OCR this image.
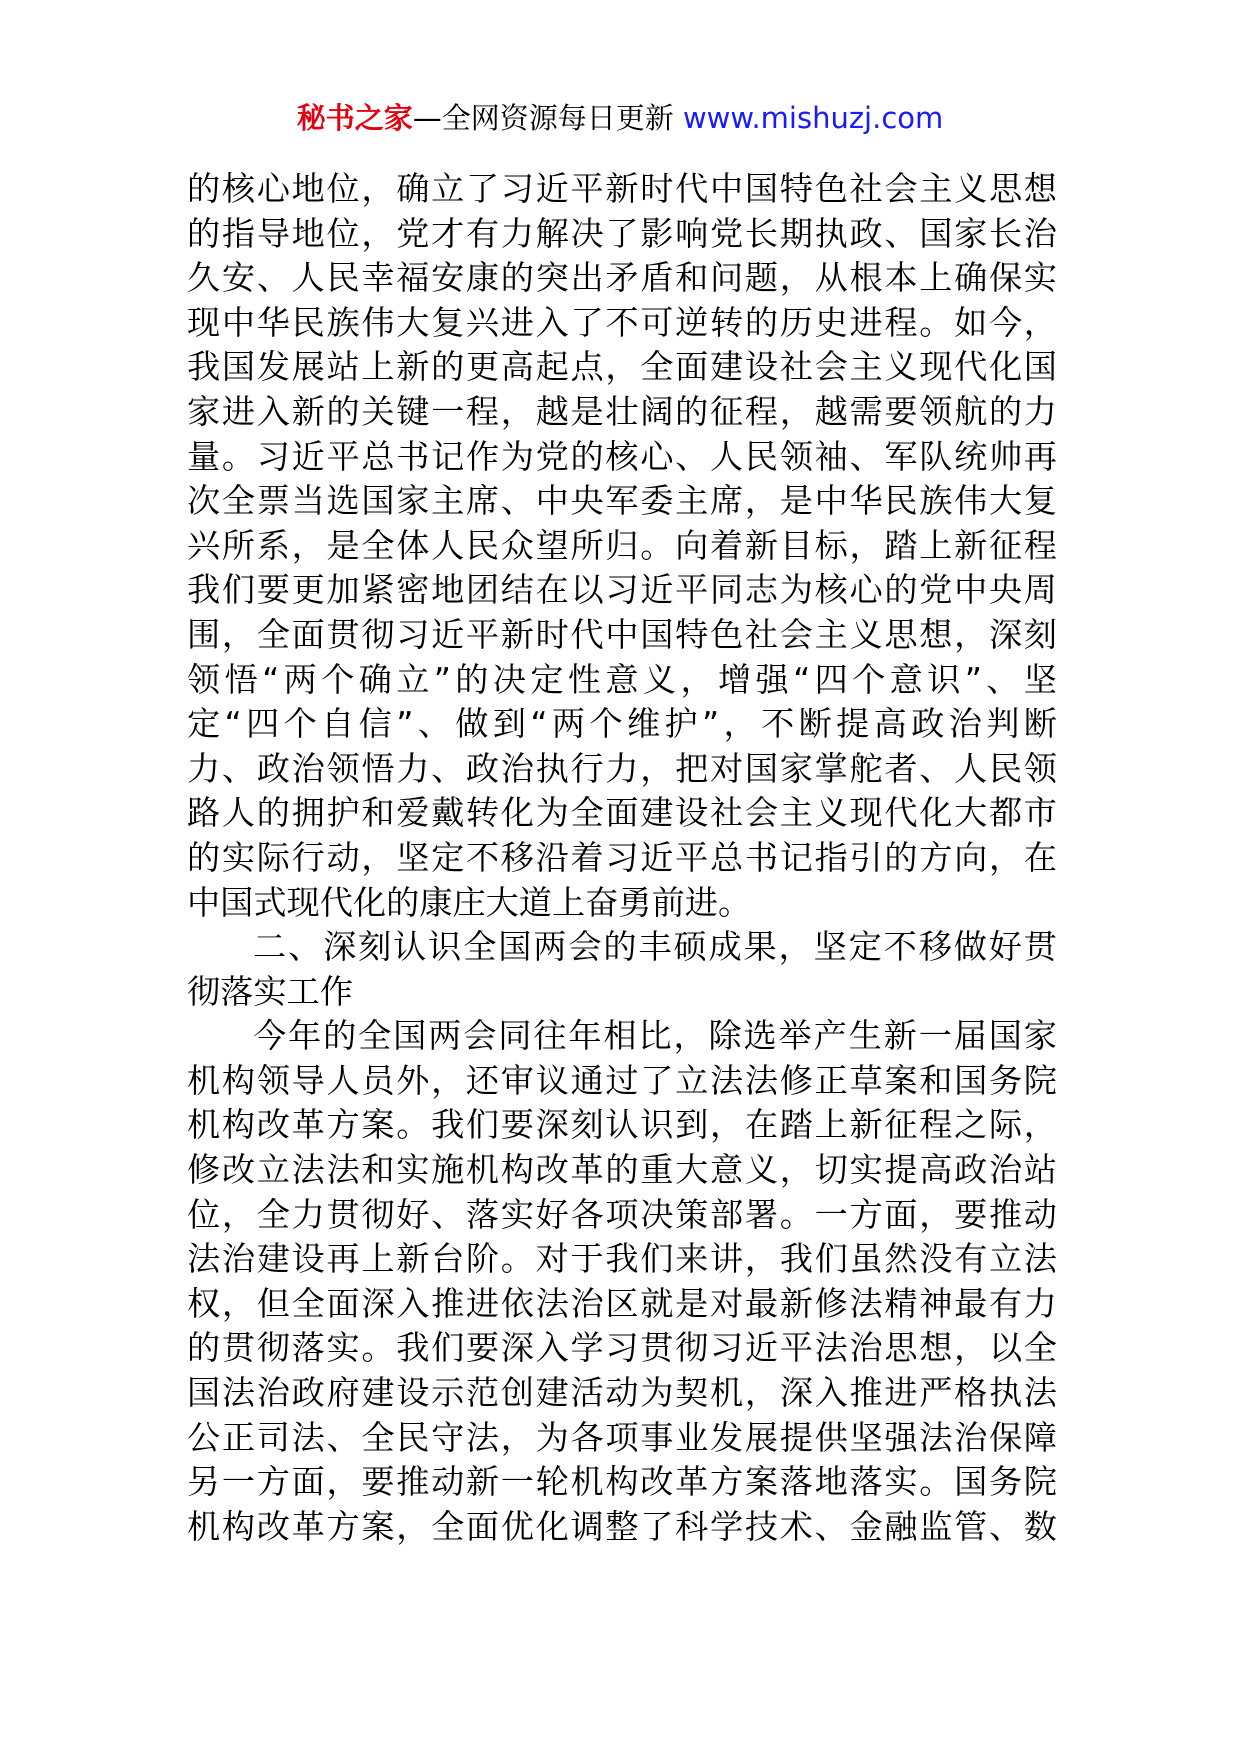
秘书之家—全网资源每日更新 www.mishuzj.com
的核心地位，确立了习近平新时代中国特色社会主义思想
的指导地位，党才有力解决了影响党长期执政、国家长治
久安、人民幸福安康的突出矛盾和问题，从根本上确保实
现中华民族伟大复兴进入了不可逆转的历史进程。如今，
我国发展站上新的更高起点，全面建设社会主义现代化国
家进入新的关键一程，越是壮阔的征程，越需要领航的力
量。习近平总书记作为党的核心、人民领袖、军队统帅再
次全票当选国家主席、中央军委主席，是中华民族伟大复
兴所系，是全体人民众望所归。向着新目标，踏上新征程
我们要更加紧密地团结在以习近平同志为核心的党中央周
围，全面贯彻习近平新时代中国特色社会主义思想，深刻
领悟“两个确立”的决定性意义，增强“四个意识”、坚
定“四个自信”、做到“两个维护”，不断提高政治判断
力、政治领悟力、政治执行力，把对国家掌舵者、人民领
路人的拥护和爱戴转化为全面建设社会主义现代化大都市
的实际行动，坚定不移沿着习近平总书记指引的方向，在
中国式现代化的康庄大道上奋勇前进。
二、深刻认识全国两会的丰硕成果，坚定不移做好贯
彻落实工作
今年的全国两会同往年相比，除选举产生新一届国家
机构领导人员外，还审议通过了立法法修正草案和国务院
机构改革方案。我们要深刻认识到，在踏上新征程之际，
修改立法法和实施机构改革的重大意义，切实提高政治站
位，全力贯彻好、落实好各项决策部署。一方面，要推动
法治建设再上新台阶。对于我们来讲，我们虽然没有立法
权，但全面深入推进依法治区就是对最新修法精神最有力
的贯彻落实。我们要深入学习贯彻习近平法治思想，以全
国法治政府建设示范创建活动为契机，深入推进严格执法
公正司法、全民守法，为各项事业发展提供坚强法治保障
另一方面，要推动新一轮机构改革方案落地落实。国务院
机构改革方案，全面优化调整了科学技术、金融监管、数
